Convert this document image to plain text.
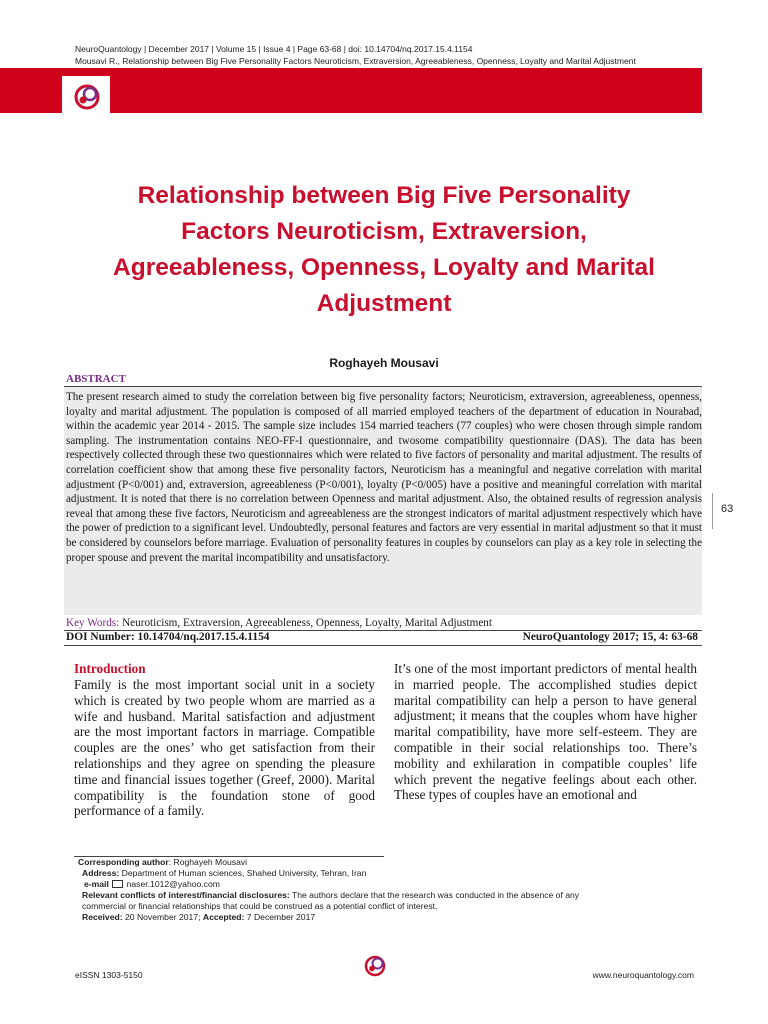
NeuroQuantology | December 2017 | Volume 15 | Issue 4 | Page 63-68 | doi: 10.14704/nq.2017.15.4.1154
Mousavi R., Relationship between Big Five Personality Factors Neuroticism, Extraversion, Agreeableness, Openness, Loyalty and Marital Adjustment
Relationship between Big Five Personality
Factors Neuroticism, Extraversion,
Agreeableness, Openness, Loyalty and Marital
Adjustment
Roghayeh Mousavi
ABSTRACT
The present research aimed to study the correlation between big five personality factors; Neuroticism, extraversion, agreeableness, openness, loyalty and marital adjustment. The population is composed of all married employed teachers of the department of education in Nourabad, within the academic year 2014 - 2015. The sample size includes 154 married teachers (77 couples) who were chosen through simple random sampling. The instrumentation contains NEO-FF-I questionnaire, and twosome compatibility questionnaire (DAS). The data has been respectively collected through these two questionnaires which were related to five factors of personality and marital adjustment. The results of correlation coefficient show that among these five personality factors, Neuroticism has a meaningful and negative correlation with marital adjustment (P<0/001) and, extraversion, agreeableness (P<0/001), loyalty (P<0/005) have a positive and meaningful correlation with marital adjustment. It is noted that there is no correlation between Openness and marital adjustment. Also, the obtained results of regression analysis reveal that among these five factors, Neuroticism and agreeableness are the strongest indicators of marital adjustment respectively which have the power of prediction to a significant level. Undoubtedly, personal features and factors are very essential in marital adjustment so that it must be considered by counselors before marriage. Evaluation of personality features in couples by counselors can play as a key role in selecting the proper spouse and prevent the marital incompatibility and unsatisfactory.
63
Key Words: Neuroticism, Extraversion, Agreeableness, Openness, Loyalty, Marital Adjustment
DOI Number: 10.14704/nq.2017.15.4.1154	NeuroQuantology 2017; 15, 4: 63-68
Introduction
Family is the most important social unit in a society which is created by two people whom are married as a wife and husband. Marital satisfaction and adjustment are the most important factors in marriage. Compatible couples are the ones’ who get satisfaction from their relationships and they agree on spending the pleasure time and financial issues together (Greef, 2000). Marital compatibility is the foundation stone of good performance of a family.
It’s one of the most important predictors of mental health in married people. The accomplished studies depict marital compatibility can help a person to have general adjustment; it means that the couples whom have higher marital compatibility, have more self-esteem. They are compatible in their social relationships too. There’s mobility and exhilaration in compatible couples’ life which prevent the negative feelings about each other. These types of couples have an emotional and
Corresponding author: Roghayeh Mousavi
Address: Department of Human sciences, Shahed University, Tehran, Iran
e-mail naser.1012@yahoo.com
Relevant conflicts of interest/financial disclosures: The authors declare that the research was conducted in the absence of any
commercial or financial relationships that could be construed as a potential conflict of interest.
Received: 20 November 2017; Accepted: 7 December 2017
eISSN 1303-5150	www.neuroquantology.com
